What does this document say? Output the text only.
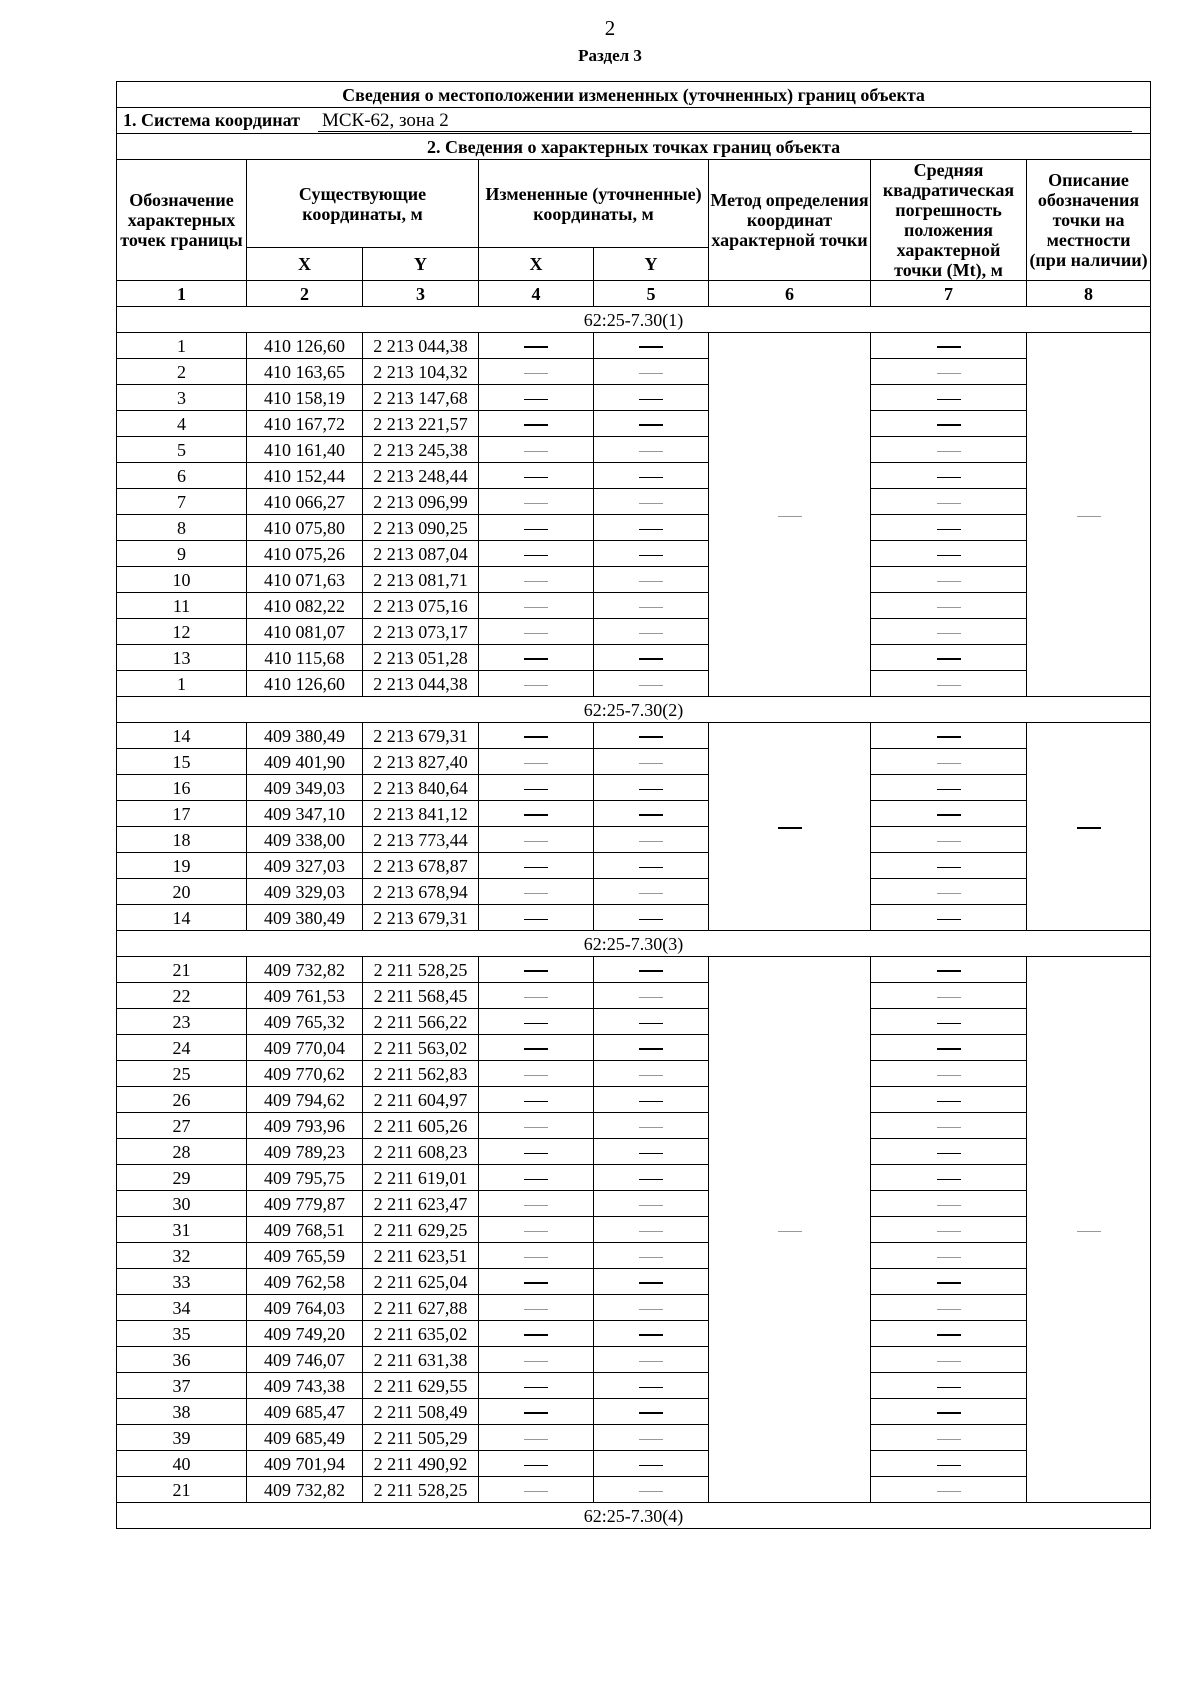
2
Раздел 3
Сведения о местоположении измененных (уточненных) границ объекта							
1. Система координат МСК-62, зона 2							
2. Сведения о характерных точках границ объекта							
Обозначение характерных точек границы	Существующие координаты, м		Измененные (уточненные) координаты, м		Метод определения координат характерной точки	Средняя квадратическая погрешность положения характерной точки (Mt), м	Описание обозначения точки на местности (при наличии)
	X	Y	X	Y			
1	2	3	4	5	6	7	8
62:25-7.30(1)							
1	410 126,60	2 213 044,38					
2	410 163,65	2 213 104,32					
3	410 158,19	2 213 147,68					
4	410 167,72	2 213 221,57					
5	410 161,40	2 213 245,38					
6	410 152,44	2 213 248,44					
7	410 066,27	2 213 096,99					
8	410 075,80	2 213 090,25					
9	410 075,26	2 213 087,04					
10	410 071,63	2 213 081,71					
11	410 082,22	2 213 075,16					
12	410 081,07	2 213 073,17					
13	410 115,68	2 213 051,28					
1	410 126,60	2 213 044,38					
62:25-7.30(2)							
14	409 380,49	2 213 679,31					
15	409 401,90	2 213 827,40					
16	409 349,03	2 213 840,64					
17	409 347,10	2 213 841,12					
18	409 338,00	2 213 773,44					
19	409 327,03	2 213 678,87					
20	409 329,03	2 213 678,94					
14	409 380,49	2 213 679,31					
62:25-7.30(3)							
21	409 732,82	2 211 528,25					
22	409 761,53	2 211 568,45					
23	409 765,32	2 211 566,22					
24	409 770,04	2 211 563,02					
25	409 770,62	2 211 562,83					
26	409 794,62	2 211 604,97					
27	409 793,96	2 211 605,26					
28	409 789,23	2 211 608,23					
29	409 795,75	2 211 619,01					
30	409 779,87	2 211 623,47					
31	409 768,51	2 211 629,25					
32	409 765,59	2 211 623,51					
33	409 762,58	2 211 625,04					
34	409 764,03	2 211 627,88					
35	409 749,20	2 211 635,02					
36	409 746,07	2 211 631,38					
37	409 743,38	2 211 629,55					
38	409 685,47	2 211 508,49					
39	409 685,49	2 211 505,29					
40	409 701,94	2 211 490,92					
21	409 732,82	2 211 528,25					
62:25-7.30(4)							
